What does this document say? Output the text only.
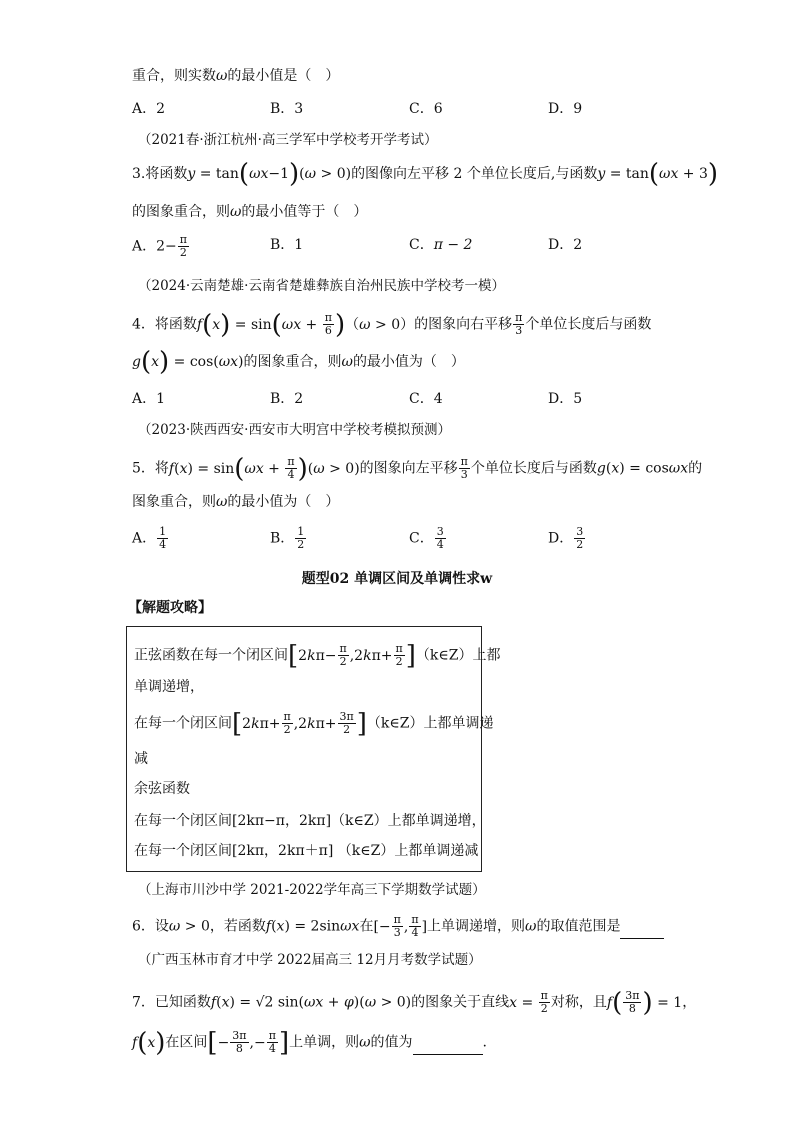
重合，则实数ω的最小值是（　）
A．2	B．3	C．6	D．9
（2021春·浙江杭州·高三学军中学校考开学考试）
3.将函数y = tan(ωx−1)(ω > 0)的图像向左平移 2 个单位长度后,与函数y = tan(ωx + 3)
的图象重合，则ω的最小值等于（　）
A．$2- \frac{\pi}{2}$	B．1	C．π − 2	D．2
（2024·云南楚雄·云南省楚雄彝族自治州民族中学校考一模）
4．将函数$f(x) = \sin(\omega x + \frac{\pi}{6} )(\omega > 0)$的图象向右平移 $\frac{\pi}{3}$ 个单位长度后与函数
g(x) = cos(ωx)的图象重合，则ω的最小值为（　）
A．1	B．2	C．4	D．5
（2023·陕西西安·西安市大明宫中学校考模拟预测）
5．将$f(x) = \sin(\omega x + \frac{\pi}{4} )(\omega > 0)$的图象向左平移 $\frac{\pi}{3}$ 个单位长度后与函数g(x) = cosωx的
图象重合，则ω的最小值为（　）
A． $\frac{1}{4}$	B． $\frac{1}{2}$	C． $\frac{3}{4}$	D． $\frac{3}{2}$
题型02 单调区间及单调性求w
【解题攻略】
正弦函数在每一个闭区间[$2k\pi- \frac{\pi}{2} ,2k\pi+ \frac{\pi}{2}$ ]（k∈Z）上都
单调递增，
在每一个闭区间[$2k\pi+ \frac{\pi}{2} ,2k\pi+ \frac{3\pi}{2}$ ]（k∈Z）上都单调递
减
余弦函数
在每一个闭区间[2kπ−π，2kπ]（k∈Z）上都单调递增，
在每一个闭区间[2kπ，2kπ＋π] （k∈Z）上都单调递减
（上海市川沙中学 2021-2022学年高三下学期数学试题）
6．设ω > 0，若函数f(x) = 2sinωx在[− $\frac{\pi}{3}$ , $\frac{\pi}{4}$ ]上单调递增，则ω的取值范围是
（广西玉林市育才中学 2022届高三 12月月考数学试题）
7．已知函数f(x) = √2 sin(ωx + φ)(ω > 0)的图象关于直线$x = \frac{\pi}{2}$ 对称，且$f( \frac{3\pi}{8}$ ) = 1，
f(x)在区间[− $\frac{3\pi}{8}$ ,− $\frac{\pi}{4}$ ]上单调，则ω的值为	.
